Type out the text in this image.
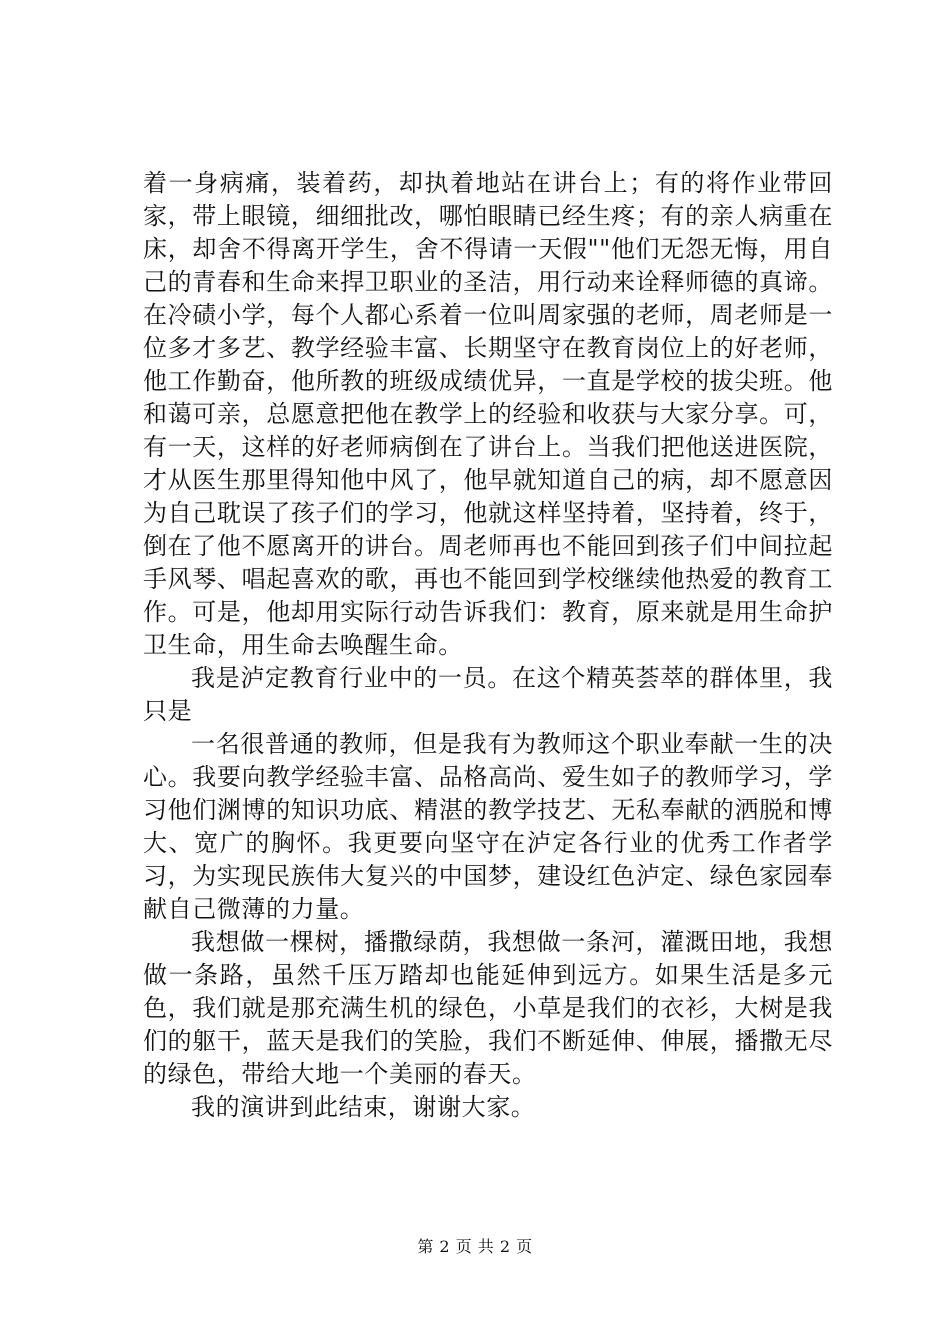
着一身病痛，装着药，却执着地站在讲台上；有的将作业带回家，带上眼镜，细细批改，哪怕眼睛已经生疼；有的亲人病重在床，却舍不得离开学生，舍不得请一天假""他们无怨无悔，用自己的青春和生命来捍卫职业的圣洁，用行动来诠释师德的真谛。在冷碛小学，每个人都心系着一位叫周家强的老师，周老师是一位多才多艺、教学经验丰富、长期坚守在教育岗位上的好老师，他工作勤奋，他所教的班级成绩优异，一直是学校的拔尖班。他和蔼可亲，总愿意把他在教学上的经验和收获与大家分享。可，有一天，这样的好老师病倒在了讲台上。当我们把他送进医院，才从医生那里得知他中风了，他早就知道自己的病，却不愿意因为自己耽误了孩子们的学习，他就这样坚持着，坚持着，终于，倒在了他不愿离开的讲台。周老师再也不能回到孩子们中间拉起手风琴、唱起喜欢的歌，再也不能回到学校继续他热爱的教育工作。可是，他却用实际行动告诉我们：教育，原来就是用生命护卫生命，用生命去唤醒生命。

我是泸定教育行业中的一员。在这个精英荟萃的群体里，我只是

一名很普通的教师，但是我有为教师这个职业奉献一生的决心。我要向教学经验丰富、品格高尚、爱生如子的教师学习，学习他们渊博的知识功底、精湛的教学技艺、无私奉献的洒脱和博大、宽广的胸怀。我更要向坚守在泸定各行业的优秀工作者学习，为实现民族伟大复兴的中国梦，建设红色泸定、绿色家园奉献自己微薄的力量。

我想做一棵树，播撒绿荫，我想做一条河，灌溉田地，我想做一条路，虽然千压万踏却也能延伸到远方。如果生活是多元色，我们就是那充满生机的绿色，小草是我们的衣衫，大树是我们的躯干，蓝天是我们的笑脸，我们不断延伸、伸展，播撒无尽的绿色，带给大地一个美丽的春天。

我的演讲到此结束，谢谢大家。

第 2 页 共 2 页
